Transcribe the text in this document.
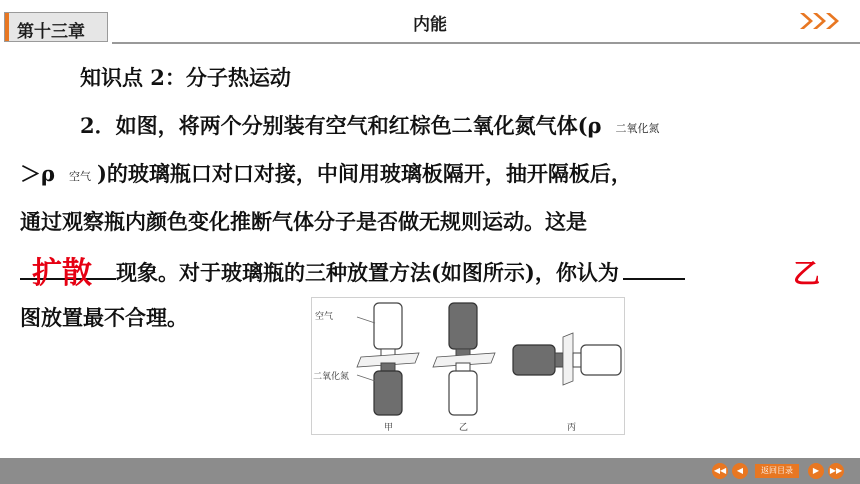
第十三章	内能
知识点 2：分子热运动
2．如图，将两个分别装有空气和红棕色二氧化氮气体(ρ 二氧化氮
＞ρ 空气 )的玻璃瓶口对口对接，中间用玻璃板隔开，抽开隔板后，
通过观察瓶内颜色变化推断气体分子是否做无规则运动。这是
现象。对于玻璃瓶的三种放置方法(如图所示)，你认为
图放置最不合理。
扩散	乙
空气
二氧化氮
甲	乙	丙
◀◀	◀	返回目录	▶	▶▶
